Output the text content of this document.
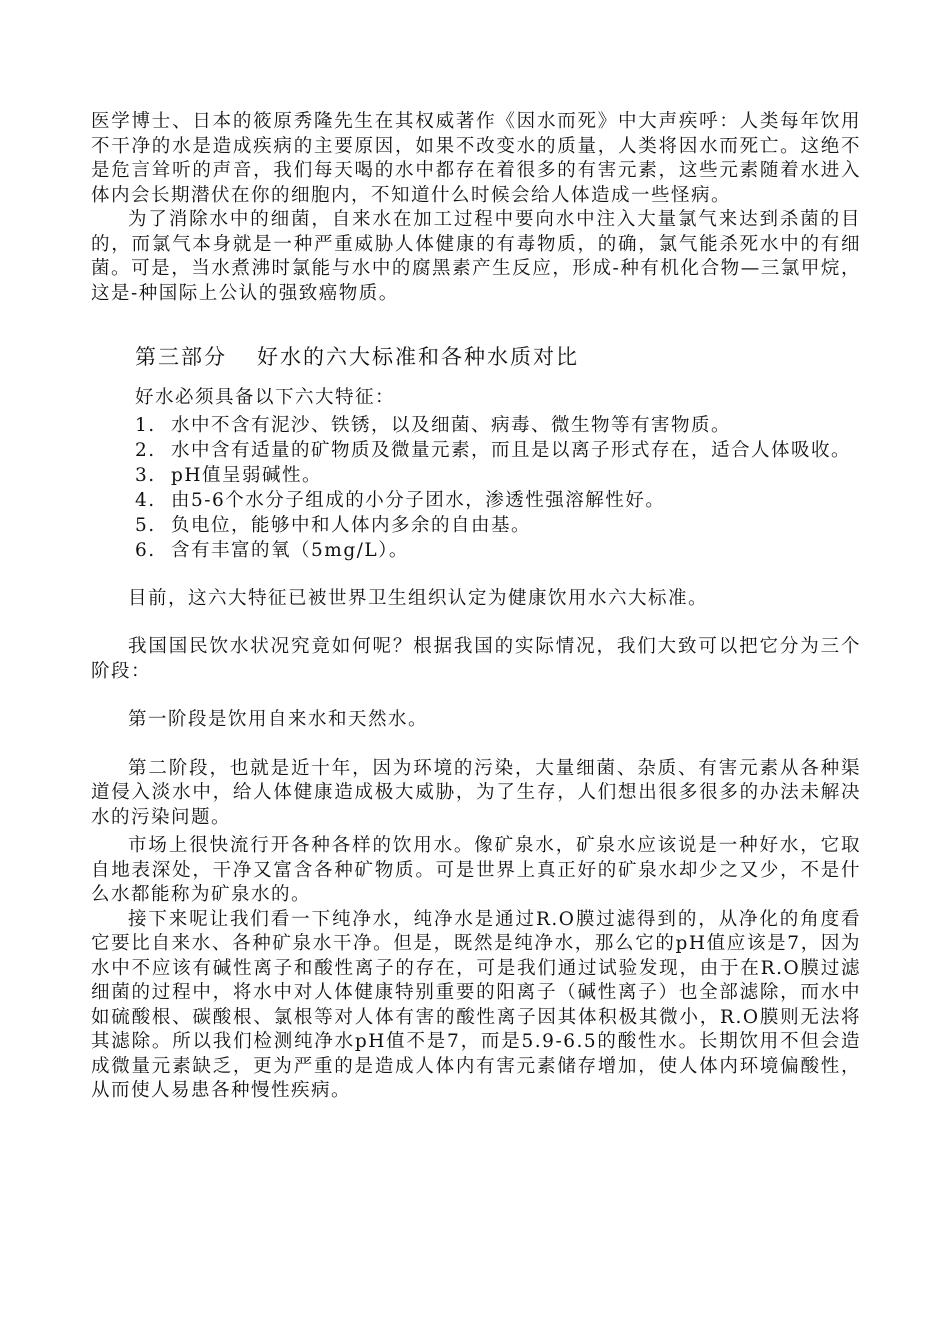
医学博士、日本的筱原秀隆先生在其权威著作《因水而死》中大声疾呼：人类每年饮用不干净的水是造成疾病的主要原因，如果不改变水的质量，人类将因水而死亡。这绝不是危言耸听的声音，我们每天喝的水中都存在着很多的有害元素，这些元素随着水进入体内会长期潜伏在你的细胞内，不知道什么时候会给人体造成一些怪病。

为了消除水中的细菌，自来水在加工过程中要向水中注入大量氯气来达到杀菌的目的，而氯气本身就是一种严重威胁人体健康的有毒物质，的确，氯气能杀死水中的有细菌。可是，当水煮沸时氯能与水中的腐黑素产生反应，形成-种有机化合物—三氯甲烷，这是-种国际上公认的强致癌物质。

第三部分 好水的六大标准和各种水质对比

好水必须具备以下六大特征：

1. 水中不含有泥沙、铁锈，以及细菌、病毒、微生物等有害物质。
2. 水中含有适量的矿物质及微量元素，而且是以离子形式存在，适合人体吸收。
3. pH值呈弱碱性。
4. 由5-6个水分子组成的小分子团水，渗透性强溶解性好。
5. 负电位，能够中和人体内多余的自由基。
6. 含有丰富的氧（5mg/L）。

目前，这六大特征已被世界卫生组织认定为健康饮用水六大标准。

我国国民饮水状况究竟如何呢？根据我国的实际情况，我们大致可以把它分为三个阶段：

第一阶段是饮用自来水和天然水。

第二阶段，也就是近十年，因为环境的污染，大量细菌、杂质、有害元素从各种渠道侵入淡水中，给人体健康造成极大威胁，为了生存，人们想出很多很多的办法未解决水的污染问题。

市场上很快流行开各种各样的饮用水。像矿泉水，矿泉水应该说是一种好水，它取自地表深处，干净又富含各种矿物质。可是世界上真正好的矿泉水却少之又少，不是什么水都能称为矿泉水的。

接下来呢让我们看一下纯净水，纯净水是通过R.O膜过滤得到的，从净化的角度看它要比自来水、各种矿泉水干净。但是，既然是纯净水，那么它的pH值应该是7，因为水中不应该有碱性离子和酸性离子的存在，可是我们通过试验发现，由于在R.O膜过滤细菌的过程中，将水中对人体健康特别重要的阳离子（碱性离子）也全部滤除，而水中如硫酸根、碳酸根、氯根等对人体有害的酸性离子因其体积极其微小，R.O膜则无法将其滤除。所以我们检测纯净水pH值不是7，而是5.9-6.5的酸性水。长期饮用不但会造成微量元素缺乏，更为严重的是造成人体内有害元素储存增加，使人体内环境偏酸性，从而使人易患各种慢性疾病。
